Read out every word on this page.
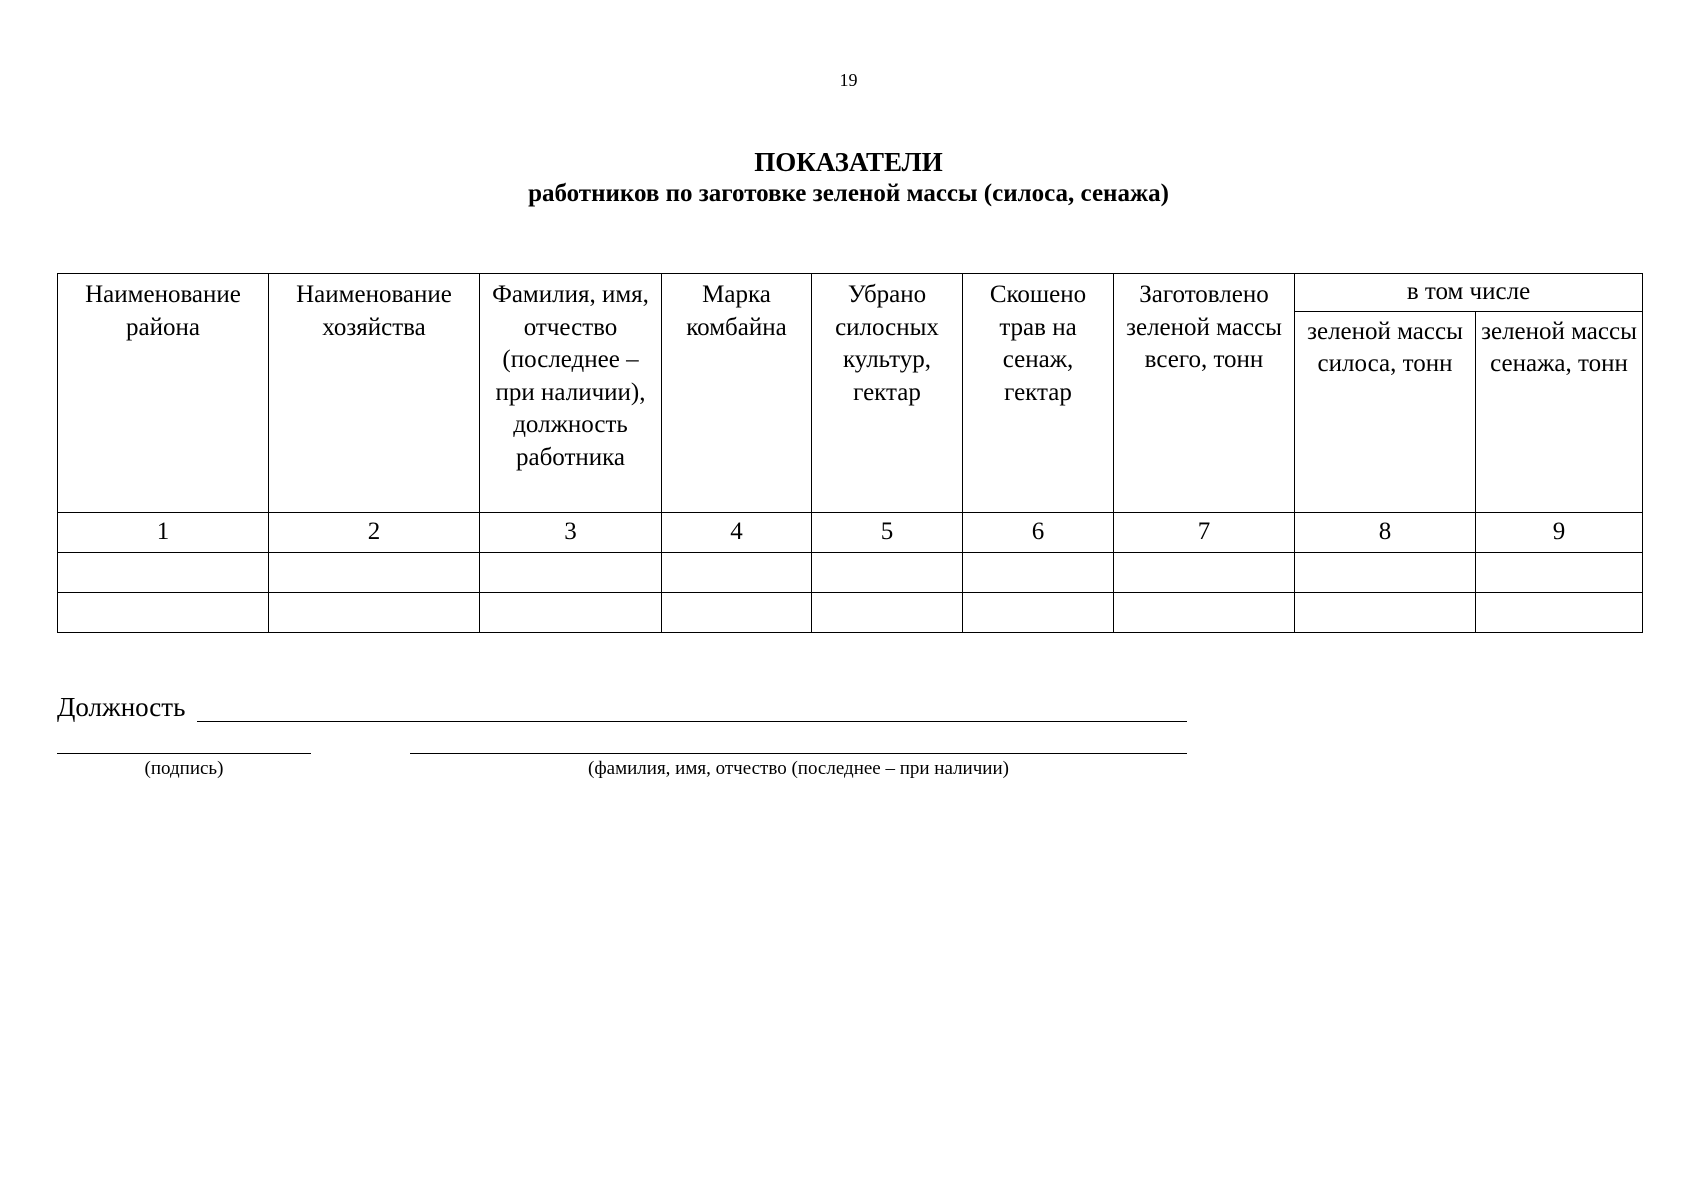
19
ПОКАЗАТЕЛИ
работников по заготовке зеленой массы (силоса, сенажа)
Наименование района	Наименование хозяйства	Фамилия, имя, отчество (последнее – при наличии), должность работника	Марка комбайна	Убрано силосных культур, гектар	Скошено трав на сенаж, гектар	Заготовлено зеленой массы всего, тонн	в том числе	
							зеленой массы силоса, тонн	зеленой массы сенажа, тонн
1	2	3	4	5	6	7	8	9

Должность
(подпись)	(фамилия, имя, отчество (последнее – при наличии)
